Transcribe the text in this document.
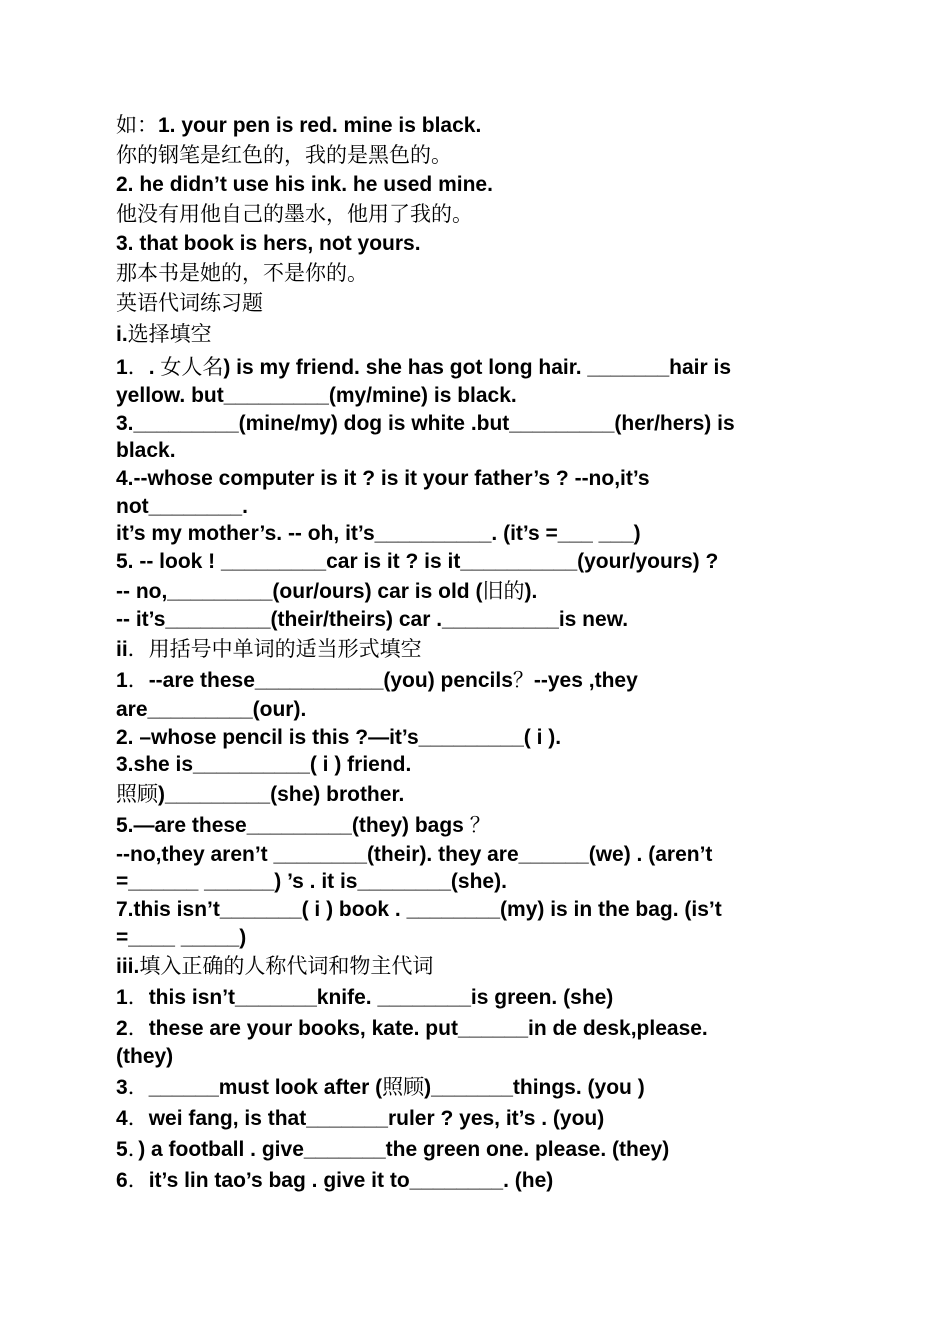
如：1. your pen is red. mine is black.
你的钢笔是红色的，我的是黑色的。
2. he didn’t use his ink. he used mine.
他没有用他自己的墨水，他用了我的。
3. that book is hers, not yours.
那本书是她的，不是你的。
英语代词练习题
i.选择填空
1．. 女人名) is my friend. she has got long hair. _______hair is
yellow. but_________(my/mine) is black.
3._________(mine/my) dog is white .but_________(her/hers) is
black.
4.--whose computer is it ? is it your father’s ? --no,it’s
not________.
it’s my mother’s. -- oh, it’s__________. (it’s =___ ___)
5. -- look ! _________car is it ? is it__________(your/yours) ?
-- no,_________(our/ours) car is old (旧的).
-- it’s_________(their/theirs) car .__________is new.
ii．用括号中单词的适当形式填空
1．--are these___________(you) pencils？--yes ,they
are_________(our).
2. –whose pencil is this ?—it’s_________( i ).
3.she is__________( i ) friend.
照顾)_________(she) brother.
5.—are these_________(they) bags ？
--no,they aren’t ________(their). they are______(we) . (aren’t
=______ ______) ’s . it is________(she).
7.this isn’t_______( i ) book . ________(my) is in the bag. (is’t
=____ _____)
iii.填入正确的人称代词和物主代词
1．this isn’t_______knife. ________is green. (she)
2．these are your books, kate. put______in de desk,please.
(they)
3．______must look after (照顾)_______things. (you )
4．wei fang, is that_______ruler ? yes, it’s . (you)
5．) a football . give_______the green one. please. (they)
6．it’s lin tao’s bag . give it to________. (he)
